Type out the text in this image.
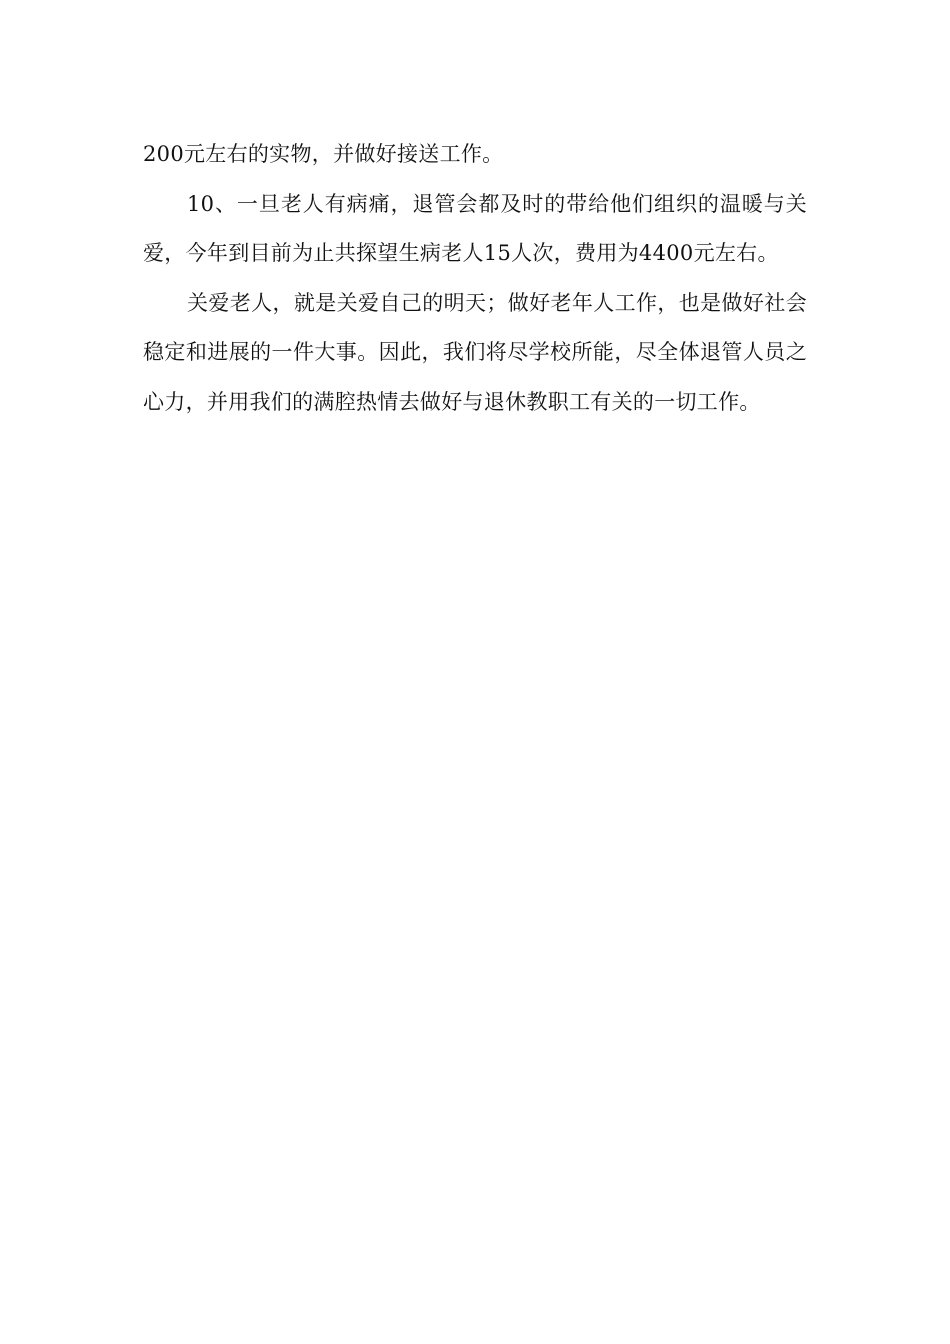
200元左右的实物，并做好接送工作。

10、一旦老人有病痛，退管会都及时的带给他们组织的温暖与关爱，今年到目前为止共探望生病老人15人次，费用为4400元左右。

关爱老人，就是关爱自己的明天；做好老年人工作，也是做好社会稳定和进展的一件大事。因此，我们将尽学校所能，尽全体退管人员之心力，并用我们的满腔热情去做好与退休教职工有关的一切工作。
